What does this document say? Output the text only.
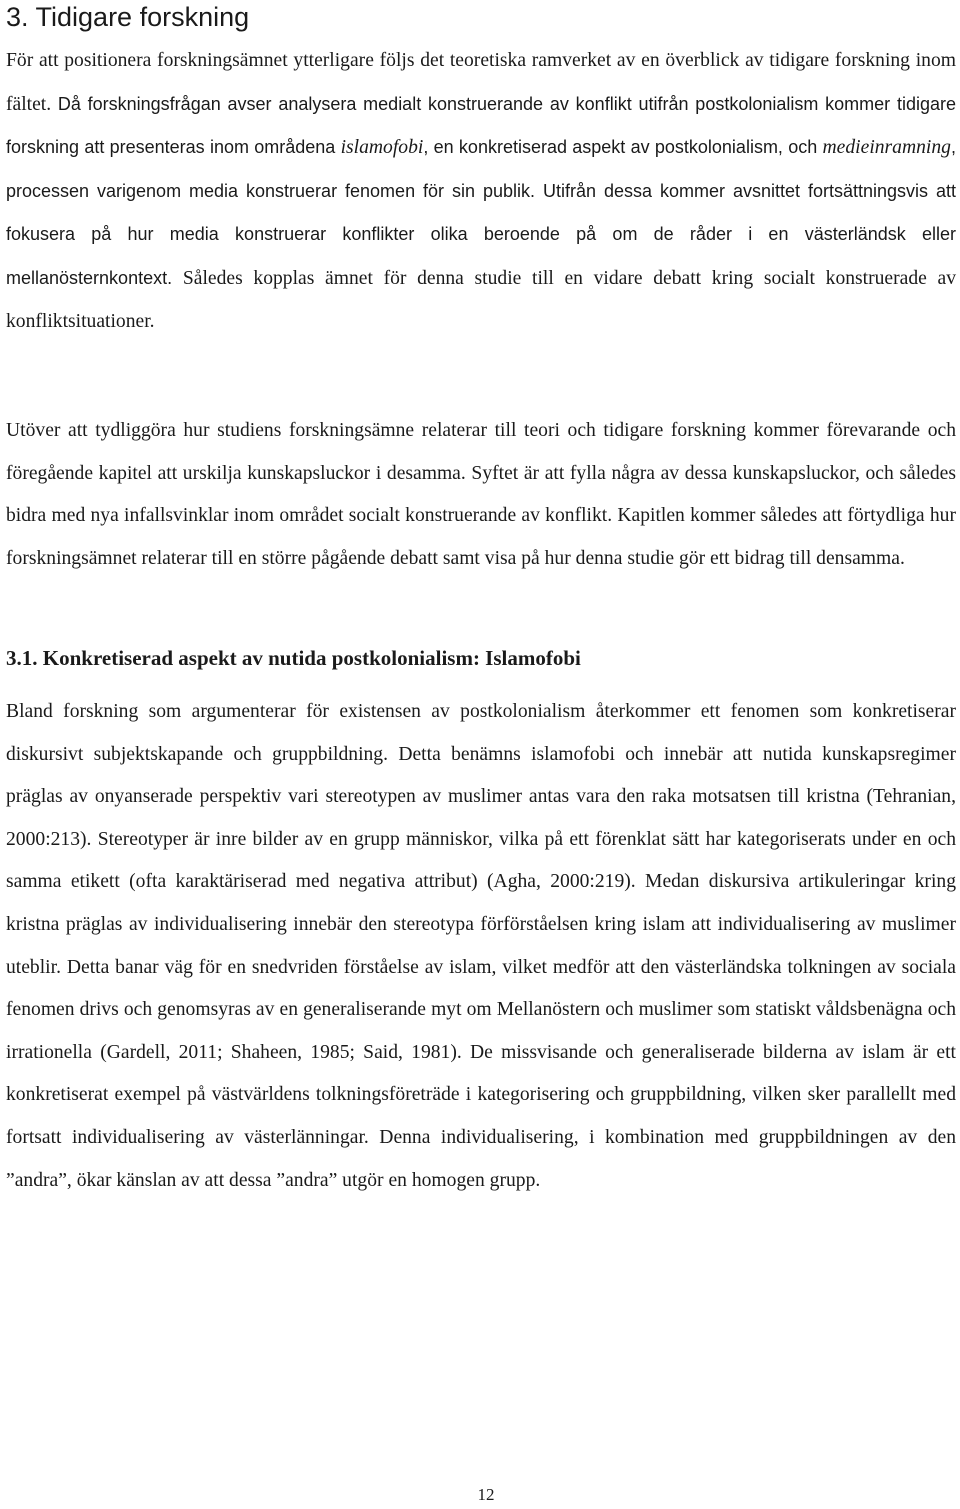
3. Tidigare forskning

För att positionera forskningsämnet ytterligare följs det teoretiska ramverket av en överblick av tidigare forskning inom fältet. Då forskningsfrågan avser analysera medialt konstruerande av konflikt utifrån postkolonialism kommer tidigare forskning att presenteras inom områdena islamofobi, en konkretiserad aspekt av postkolonialism, och medieinramning, processen varigenom media konstruerar fenomen för sin publik. Utifrån dessa kommer avsnittet fortsättningsvis att fokusera på hur media konstruerar konflikter olika beroende på om de råder i en västerländsk eller mellanösternkontext. Således kopplas ämnet för denna studie till en vidare debatt kring socialt konstruerade av konfliktsituationer.

Utöver att tydliggöra hur studiens forskningsämne relaterar till teori och tidigare forskning kommer förevarande och föregående kapitel att urskilja kunskapsluckor i desamma. Syftet är att fylla några av dessa kunskapsluckor, och således bidra med nya infallsvinklar inom området socialt konstruerande av konflikt. Kapitlen kommer således att förtydliga hur forskningsämnet relaterar till en större pågående debatt samt visa på hur denna studie gör ett bidrag till densamma.

3.1. Konkretiserad aspekt av nutida postkolonialism: Islamofobi

Bland forskning som argumenterar för existensen av postkolonialism återkommer ett fenomen som konkretiserar diskursivt subjektskapande och gruppbildning. Detta benämns islamofobi och innebär att nutida kunskapsregimer präglas av onyanserade perspektiv vari stereotypen av muslimer antas vara den raka motsatsen till kristna (Tehranian, 2000:213). Stereotyper är inre bilder av en grupp människor, vilka på ett förenklat sätt har kategoriserats under en och samma etikett (ofta karaktäriserad med negativa attribut) (Agha, 2000:219). Medan diskursiva artikuleringar kring kristna präglas av individualisering innebär den stereotypa förförståelsen kring islam att individualisering av muslimer uteblir. Detta banar väg för en snedvriden förståelse av islam, vilket medför att den västerländska tolkningen av sociala fenomen drivs och genomsyras av en generaliserande myt om Mellanöstern och muslimer som statiskt våldsbenägna och irrationella (Gardell, 2011; Shaheen, 1985; Said, 1981). De missvisande och generaliserade bilderna av islam är ett konkretiserat exempel på västvärldens tolkningsföreträde i kategorisering och gruppbildning, vilken sker parallellt med fortsatt individualisering av västerlänningar. Denna individualisering, i kombination med gruppbildningen av den ”andra”, ökar känslan av att dessa ”andra” utgör en homogen grupp.

12
